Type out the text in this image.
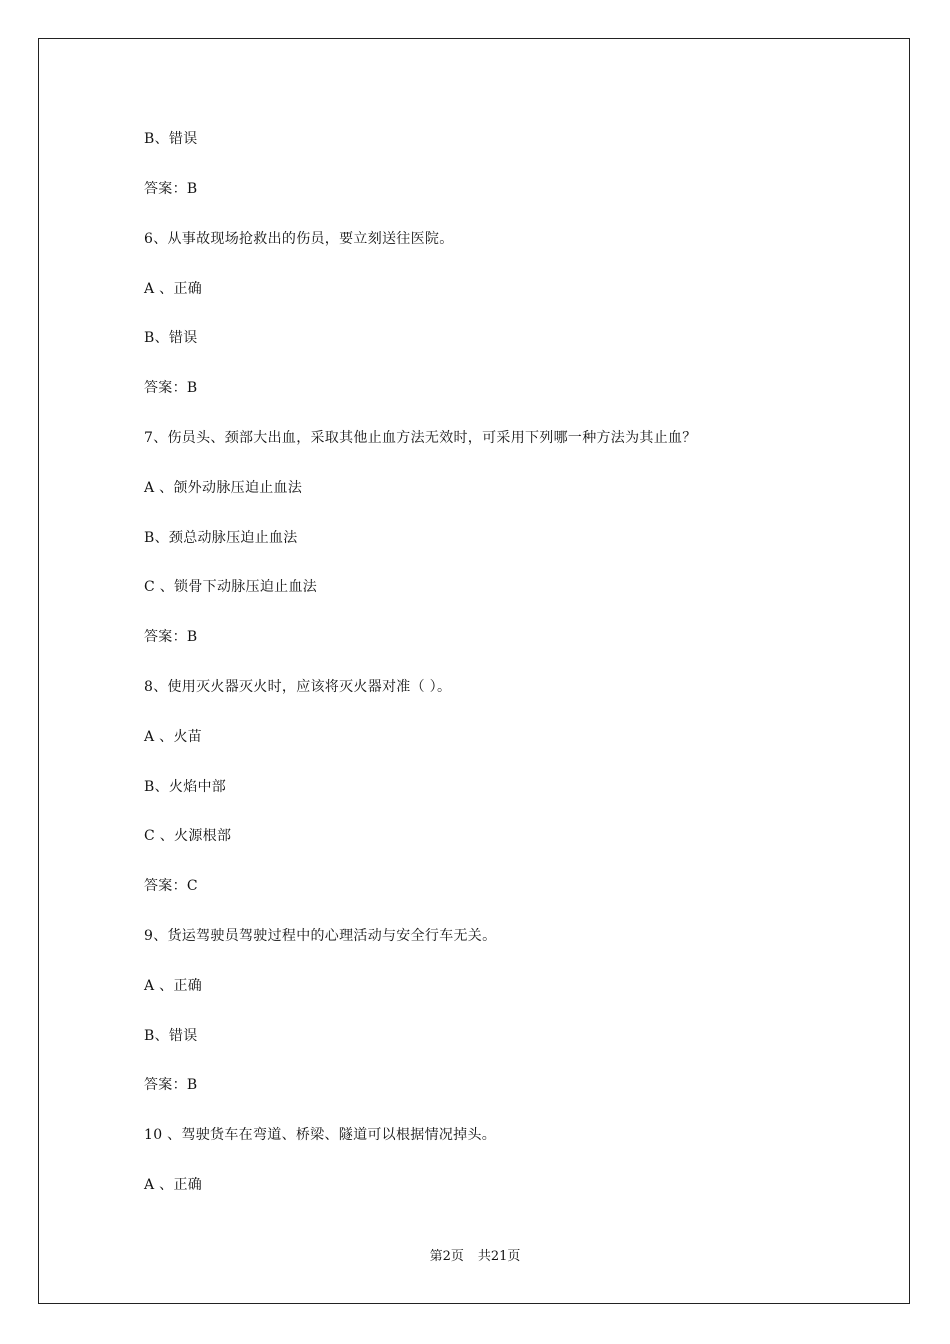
B、错误
答案：B
6、从事故现场抢救出的伤员，要立刻送往医院。
A 、正确
B、错误
答案：B
7、伤员头、颈部大出血，采取其他止血方法无效时，可采用下列哪一种方法为其止血？
A 、颌外动脉压迫止血法
B、颈总动脉压迫止血法
C 、锁骨下动脉压迫止血法
答案：B
8、使用灭火器灭火时，应该将灭火器对准（ ）。
A 、火苗
B、火焰中部
C 、火源根部
答案：C
9、货运驾驶员驾驶过程中的心理活动与安全行车无关。
A 、正确
B、错误
答案：B
10 、驾驶货车在弯道、桥梁、隧道可以根据情况掉头。
A 、正确
第2页 共21页
